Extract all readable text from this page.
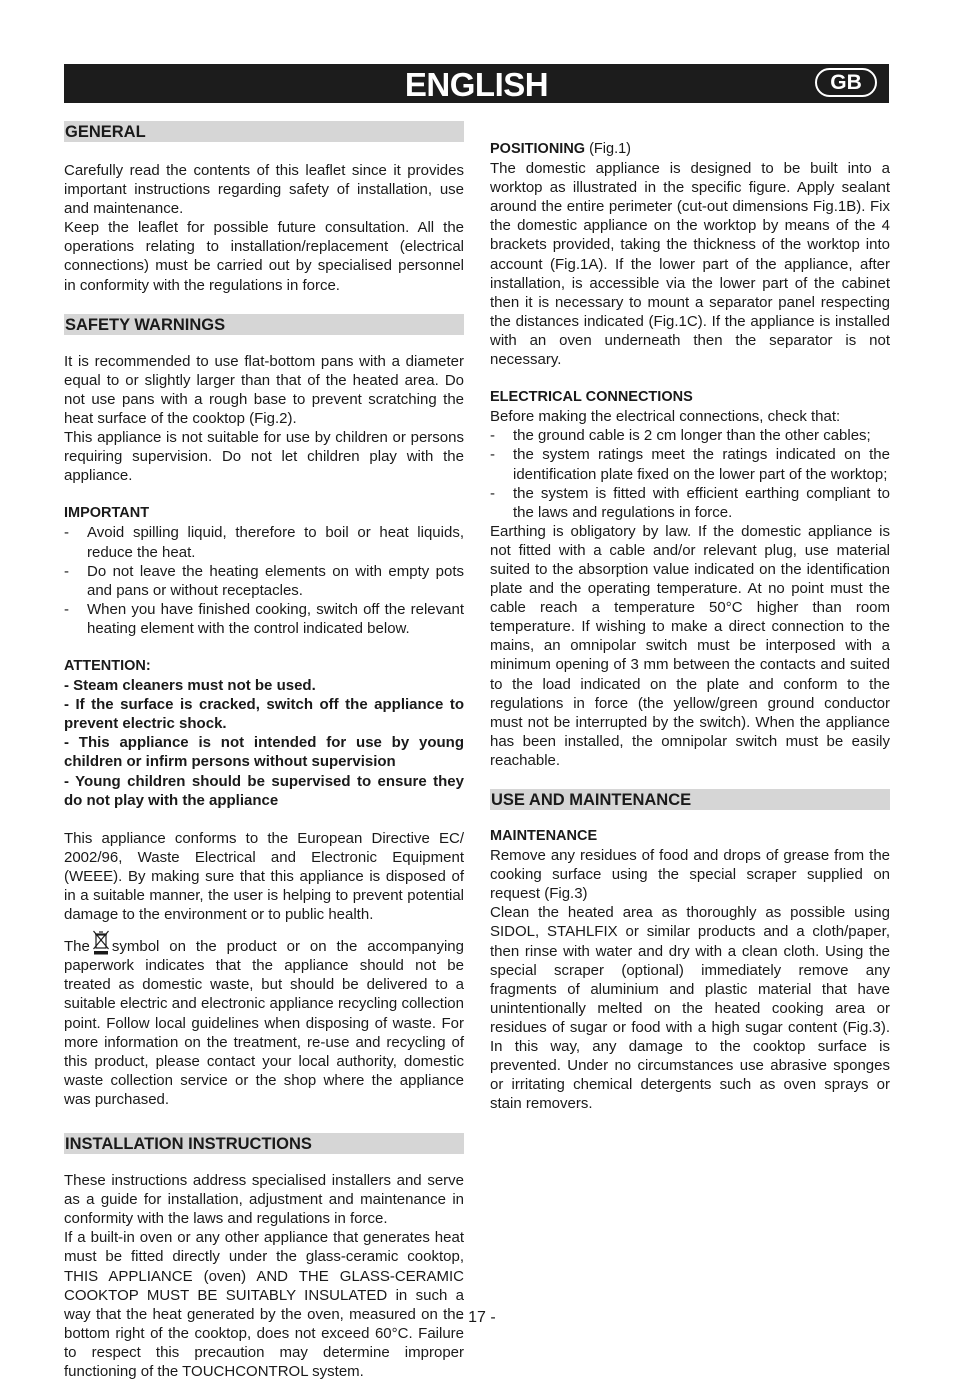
ENGLISH	GB
GENERAL

Carefully read the contents of this leaflet since it provides important instructions regarding safety of installation, use and maintenance.

Keep the leaflet for possible future consultation. All the operations relating to installation/replacement (electrical connections) must be carried out by specialised personnel in conformity with the regulations in force.

SAFETY WARNINGS

It is recommended to use flat-bottom pans with a diameter equal to or slightly larger than that of the heated area. Do not use pans with a rough base to prevent scratching the heat surface of the cooktop (Fig.2).

This appliance is not suitable for use by children or persons requiring supervision. Do not let children play with the appliance.

IMPORTANT
- Avoid spilling liquid, therefore to boil or heat liquids, reduce the heat.
- Do not leave the heating elements on with empty pots and pans or without receptacles.
- When you have finished cooking, switch off the relevant heating element with the control indicated below.
ATTENTION:

- Steam cleaners must not be used.

- If the surface is cracked, switch off the appliance to prevent electric shock.

- This appliance is not intended for use by young children or infirm persons without supervision

- Young children should be supervised to ensure they do not play with the appliance

This appliance conforms to the European Directive EC/ 2002/96, Waste Electrical and Electronic Equipment (WEEE). By making sure that this appliance is disposed of in a suitable manner, the user is helping to prevent potential damage to the environment or to public health.

The symbol on the product or on the accompanying paperwork indicates that the appliance should not be treated as domestic waste, but should be delivered to a suitable electric and electronic appliance recycling collection point. Follow local guidelines when disposing of waste. For more information on the treatment, re-use and recycling of this product, please contact your local authority, domestic waste collection service or the shop where the appliance was purchased.

INSTALLATION INSTRUCTIONS

These instructions address specialised installers and serve as a guide for installation, adjustment and maintenance in conformity with the laws and regulations in force.

If a built-in oven or any other appliance that generates heat must be fitted directly under the glass-ceramic cooktop, THIS APPLIANCE (oven) AND THE GLASS-CERAMIC COOKTOP MUST BE SUITABLY INSULATED in such a way that the heat generated by the oven, measured on the bottom right of the cooktop, does not exceed 60°C. Failure to respect this precaution may determine improper functioning of the TOUCHCONTROL system.

POSITIONING (Fig.1)

The domestic appliance is designed to be built into a worktop as illustrated in the specific figure. Apply sealant around the entire perimeter (cut-out dimensions Fig.1B). Fix the domestic appliance on the worktop by means of the 4 brackets provided, taking the thickness of the worktop into account (Fig.1A). If the lower part of the appliance, after installation, is accessible via the lower part of the cabinet then it is necessary to mount a separator panel respecting the distances indicated (Fig.1C). If the appliance is installed with an oven underneath then the separator is not necessary.

ELECTRICAL CONNECTIONS

Before making the electrical connections, check that:

- the ground cable is 2 cm longer than the other cables;
- the system ratings meet the ratings indicated on the identification plate fixed on the lower part of the worktop;
- the system is fitted with efficient earthing compliant to the laws and regulations in force.

Earthing is obligatory by law. If the domestic appliance is not fitted with a cable and/or relevant plug, use material suited to the absorption value indicated on the identification plate and the operating temperature. At no point must the cable reach a temperature 50°C higher than room temperature. If wishing to make a direct connection to the mains, an omnipolar switch must be interposed with a minimum opening of 3 mm between the contacts and suited to the load indicated on the plate and conform to the regulations in force (the yellow/green ground conductor must not be interrupted by the switch). When the appliance has been installed, the omnipolar switch must be easily reachable.

USE AND MAINTENANCE
MAINTENANCE

Remove any residues of food and drops of grease from the cooking surface using the special scraper supplied on request (Fig.3)

Clean the heated area as thoroughly as possible using SIDOL, STAHLFIX or similar products and a cloth/paper, then rinse with water and dry with a clean cloth. Using the special scraper (optional) immediately remove any fragments of aluminium and plastic material that have unintentionally melted on the heated cooking area or residues of sugar or food with a high sugar content (Fig.3). In this way, any damage to the cooktop surface is prevented. Under no circumstances use abrasive sponges or irritating chemical detergents such as oven sprays or stain removers.

- 17 -
